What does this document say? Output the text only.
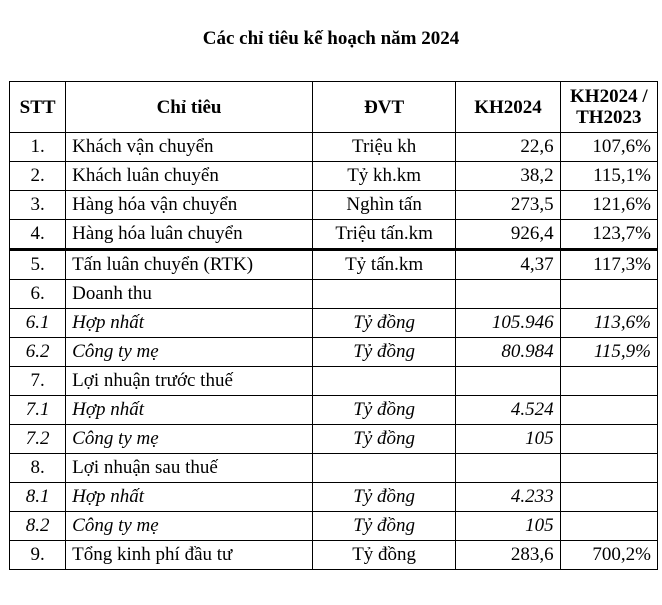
Các chỉ tiêu kế hoạch năm 2024
STT	Chỉ tiêu	ĐVT	KH2024	KH2024 /
TH2023
1.	Khách vận chuyển	Triệu kh	22,6	107,6%
2.	Khách luân chuyển	Tỷ kh.km	38,2	115,1%
3.	Hàng hóa vận chuyển	Nghìn tấn	273,5	121,6%
4.	Hàng hóa luân chuyển	Triệu tấn.km	926,4	123,7%
5.	Tấn luân chuyển (RTK)	Tỷ tấn.km	4,37	117,3%
6.	Doanh thu			
6.1	Hợp nhất	Tỷ đồng	105.946	113,6%
6.2	Công ty mẹ	Tỷ đồng	80.984	115,9%
7.	Lợi nhuận trước thuế			
7.1	Hợp nhất	Tỷ đồng	4.524	
7.2	Công ty mẹ	Tỷ đồng	105	
8.	Lợi nhuận sau thuế			
8.1	Hợp nhất	Tỷ đồng	4.233	
8.2	Công ty mẹ	Tỷ đồng	105	
9.	Tổng kinh phí đầu tư	Tỷ đồng	283,6	700,2%
